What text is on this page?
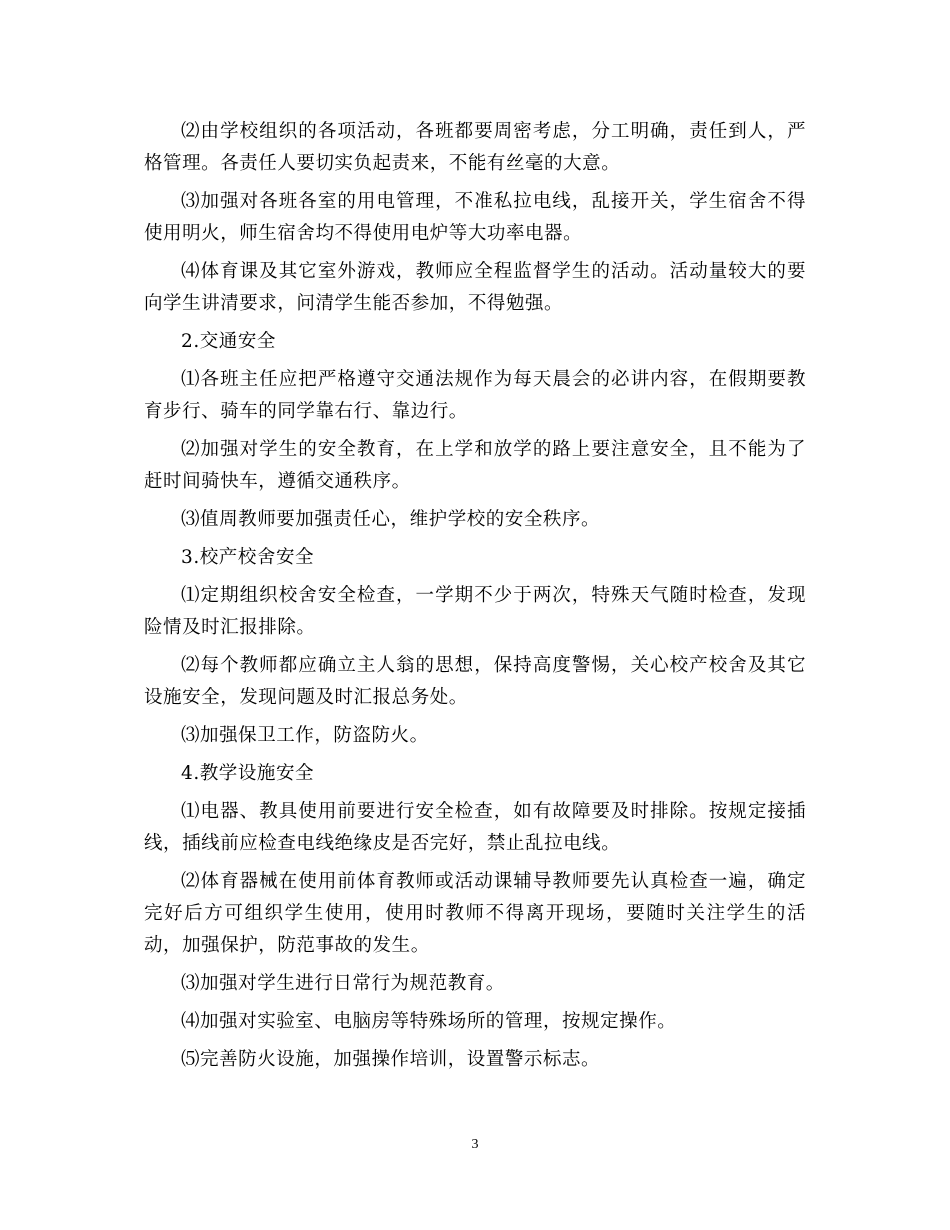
⑵由学校组织的各项活动，各班都要周密考虑，分工明确，责任到人，严格管理。各责任人要切实负起责来，不能有丝毫的大意。

⑶加强对各班各室的用电管理，不准私拉电线，乱接开关，学生宿舍不得使用明火，师生宿舍均不得使用电炉等大功率电器。

⑷体育课及其它室外游戏，教师应全程监督学生的活动。活动量较大的要向学生讲清要求，问清学生能否参加，不得勉强。

2.交通安全

⑴各班主任应把严格遵守交通法规作为每天晨会的必讲内容，在假期要教育步行、骑车的同学靠右行、靠边行。

⑵加强对学生的安全教育，在上学和放学的路上要注意安全，且不能为了赶时间骑快车，遵循交通秩序。

⑶值周教师要加强责任心，维护学校的安全秩序。

3.校产校舍安全

⑴定期组织校舍安全检查，一学期不少于两次，特殊天气随时检查，发现险情及时汇报排除。

⑵每个教师都应确立主人翁的思想，保持高度警惕，关心校产校舍及其它设施安全，发现问题及时汇报总务处。

⑶加强保卫工作，防盗防火。

4.教学设施安全

⑴电器、教具使用前要进行安全检查，如有故障要及时排除。按规定接插线，插线前应检查电线绝缘皮是否完好，禁止乱拉电线。

⑵体育器械在使用前体育教师或活动课辅导教师要先认真检查一遍，确定完好后方可组织学生使用，使用时教师不得离开现场，要随时关注学生的活动，加强保护，防范事故的发生。

⑶加强对学生进行日常行为规范教育。

⑷加强对实验室、电脑房等特殊场所的管理，按规定操作。

⑸完善防火设施，加强操作培训，设置警示标志。

3
